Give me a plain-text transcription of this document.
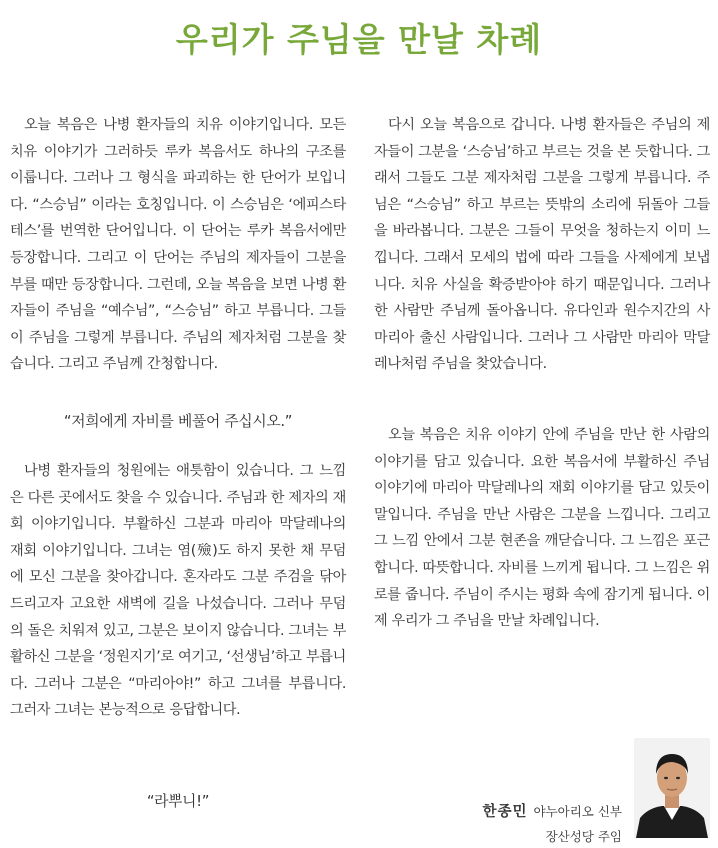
우리가 주님을 만날 차례

오늘 복음은 나병 환자들의 치유 이야기입니다. 모든 치유 이야기가 그러하듯 루카 복음서도 하나의 구조를 이룹니다. 그러나 그 형식을 파괴하는 한 단어가 보입니다. “스승님” 이라는 호칭입니다. 이 스승님은 ‘에피스타테스’를 번역한 단어입니다. 이 단어는 루카 복음서에만 등장합니다. 그리고 이 단어는 주님의 제자들이 그분을 부를 때만 등장합니다. 그런데, 오늘 복음을 보면 나병 환자들이 주님을 “예수님”, “스승님” 하고 부릅니다. 그들이 주님을 그렇게 부릅니다. 주님의 제자처럼 그분을 찾습니다. 그리고 주님께 간청합니다.

“저희에게 자비를 베풀어 주십시오.”

나병 환자들의 청원에는 애틋함이 있습니다. 그 느낌은 다른 곳에서도 찾을 수 있습니다. 주님과 한 제자의 재회 이야기입니다. 부활하신 그분과 마리아 막달레나의 재회 이야기입니다. 그녀는 염(殮)도 하지 못한 채 무덤에 모신 그분을 찾아갑니다. 혼자라도 그분 주검을 닦아드리고자 고요한 새벽에 길을 나섰습니다. 그러나 무덤의 돌은 치워져 있고, 그분은 보이지 않습니다. 그녀는 부활하신 그분을 ‘정원지기’로 여기고, ‘선생님’하고 부릅니다. 그러나 그분은 “마리아야!” 하고 그녀를 부릅니다. 그러자 그녀는 본능적으로 응답합니다.

“라뿌니!”

다시 오늘 복음으로 갑니다. 나병 환자들은 주님의 제자들이 그분을 ‘스승님’하고 부르는 것을 본 듯합니다. 그래서 그들도 그분 제자처럼 그분을 그렇게 부릅니다. 주님은 “스승님” 하고 부르는 뜻밖의 소리에 뒤돌아 그들을 바라봅니다. 그분은 그들이 무엇을 청하는지 이미 느낍니다. 그래서 모세의 법에 따라 그들을 사제에게 보냅니다. 치유 사실을 확증받아야 하기 때문입니다. 그러나 한 사람만 주님께 돌아옵니다. 유다인과 원수지간의 사마리아 출신 사람입니다. 그러나 그 사람만 마리아 막달레나처럼 주님을 찾았습니다.

오늘 복음은 치유 이야기 안에 주님을 만난 한 사람의 이야기를 담고 있습니다. 요한 복음서에 부활하신 주님 이야기에 마리아 막달레나의 재회 이야기를 담고 있듯이 말입니다. 주님을 만난 사람은 그분을 느낍니다. 그리고 그 느낌 안에서 그분 현존을 깨닫습니다. 그 느낌은 포근합니다. 따뜻합니다. 자비를 느끼게 됩니다. 그 느낌은 위로를 줍니다. 주님이 주시는 평화 속에 잠기게 됩니다. 이제 우리가 그 주님을 만날 차례입니다.

한종민 야누아리오 신부
장산성당 주임
